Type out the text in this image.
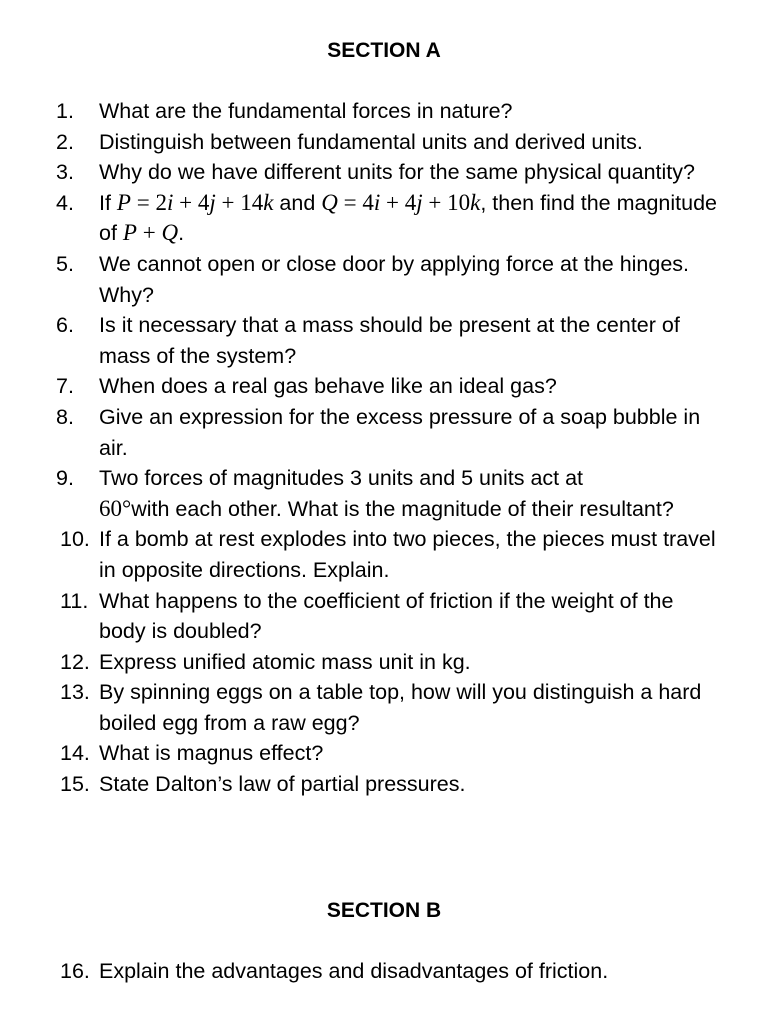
SECTION A
1. What are the fundamental forces in nature?
2. Distinguish between fundamental units and derived units.
3. Why do we have different units for the same physical quantity?
4. If P = 2i + 4j + 14k and Q = 4i + 4j + 10k, then find the magnitude of P + Q.
5. We cannot open or close door by applying force at the hinges. Why?
6. Is it necessary that a mass should be present at the center of mass of the system?
7. When does a real gas behave like an ideal gas?
8. Give an expression for the excess pressure of a soap bubble in air.
9. Two forces of magnitudes 3 units and 5 units act at
60°with each other. What is the magnitude of their resultant?
10. If a bomb at rest explodes into two pieces, the pieces must travel in opposite directions. Explain.
11. What happens to the coefficient of friction if the weight of the body is doubled?
12. Express unified atomic mass unit in kg.
13. By spinning eggs on a table top, how will you distinguish a hard boiled egg from a raw egg?
14. What is magnus effect?
15. State Dalton’s law of partial pressures.
SECTION B
16. Explain the advantages and disadvantages of friction.
